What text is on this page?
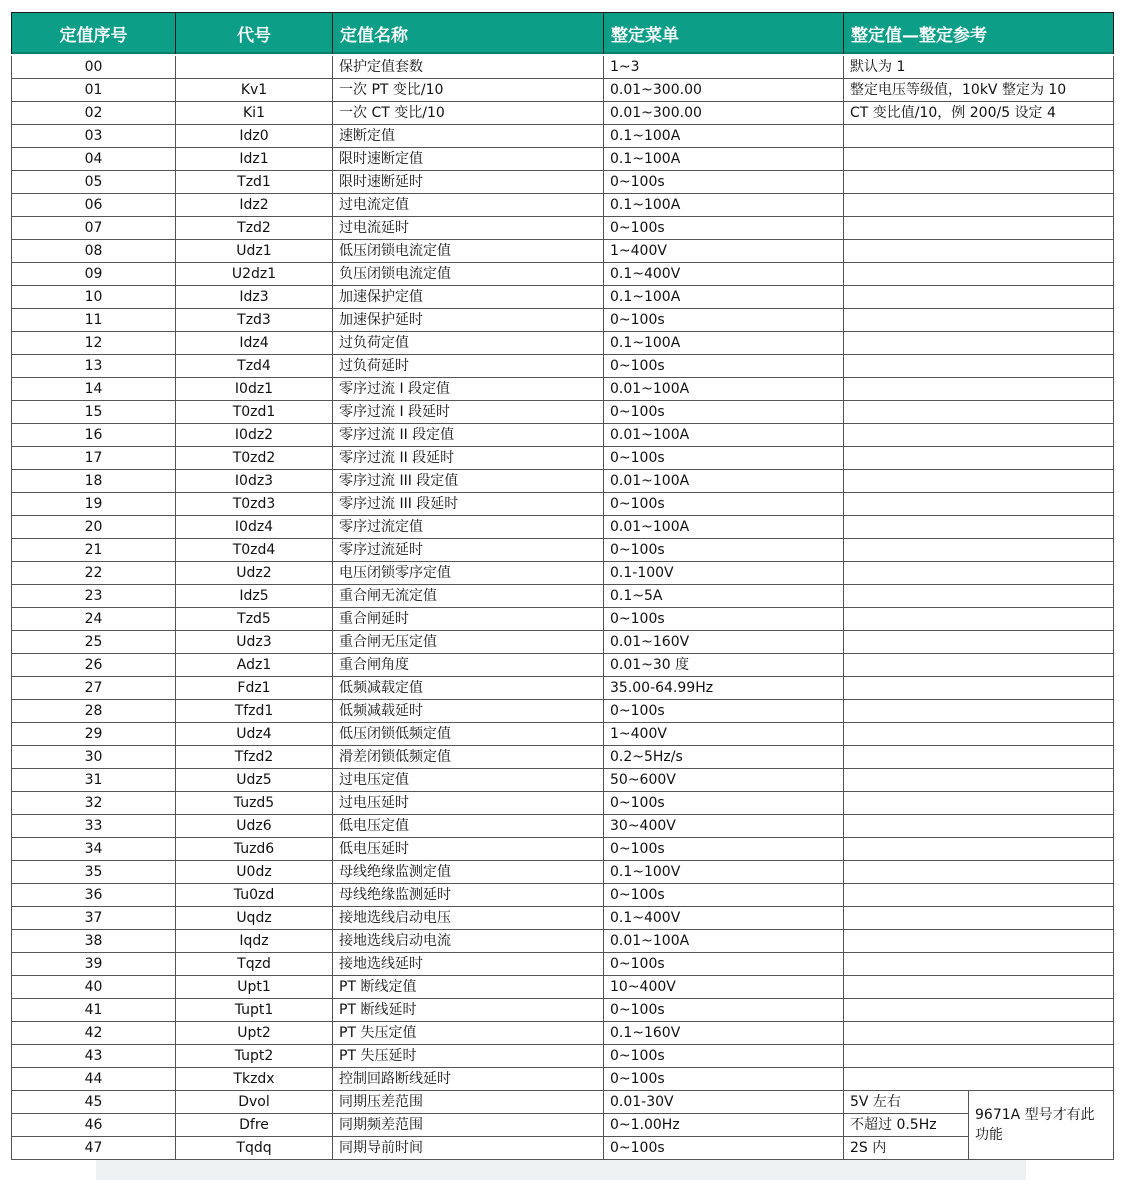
定值序号	代号	定值名称	整定菜单	整定值—整定参考	
00		保护定值套数	1~3	默认为 1	
01	Kv1	一次 PT 变比/10	0.01~300.00	整定电压等级值，10kV 整定为 10	
02	Ki1	一次 CT 变比/10	0.01~300.00	CT 变比值/10，例 200/5 设定 4	
03	Idz0	速断定值	0.1~100A		
04	Idz1	限时速断定值	0.1~100A		
05	Tzd1	限时速断延时	0~100s		
06	Idz2	过电流定值	0.1~100A		
07	Tzd2	过电流延时	0~100s		
08	Udz1	低压闭锁电流定值	1~400V		
09	U2dz1	负压闭锁电流定值	0.1~400V		
10	Idz3	加速保护定值	0.1~100A		
11	Tzd3	加速保护延时	0~100s		
12	Idz4	过负荷定值	0.1~100A		
13	Tzd4	过负荷延时	0~100s		
14	I0dz1	零序过流 I 段定值	0.01~100A		
15	T0zd1	零序过流 I 段延时	0~100s		
16	I0dz2	零序过流 II 段定值	0.01~100A		
17	T0zd2	零序过流 II 段延时	0~100s		
18	I0dz3	零序过流 III 段定值	0.01~100A		
19	T0zd3	零序过流 III 段延时	0~100s		
20	I0dz4	零序过流定值	0.01~100A		
21	T0zd4	零序过流延时	0~100s		
22	Udz2	电压闭锁零序定值	0.1-100V		
23	Idz5	重合闸无流定值	0.1~5A		
24	Tzd5	重合闸延时	0~100s		
25	Udz3	重合闸无压定值	0.01~160V		
26	Adz1	重合闸角度	0.01~30 度		
27	Fdz1	低频减载定值	35.00-64.99Hz		
28	Tfzd1	低频减载延时	0~100s		
29	Udz4	低压闭锁低频定值	1~400V		
30	Tfzd2	滑差闭锁低频定值	0.2~5Hz/s		
31	Udz5	过电压定值	50~600V		
32	Tuzd5	过电压延时	0~100s		
33	Udz6	低电压定值	30~400V		
34	Tuzd6	低电压延时	0~100s		
35	U0dz	母线绝缘监测定值	0.1~100V		
36	Tu0zd	母线绝缘监测延时	0~100s		
37	Uqdz	接地选线启动电压	0.1~400V		
38	Iqdz	接地选线启动电流	0.01~100A		
39	Tqzd	接地选线延时	0~100s		
40	Upt1	PT 断线定值	10~400V		
41	Tupt1	PT 断线延时	0~100s		
42	Upt2	PT 失压定值	0.1~160V		
43	Tupt2	PT 失压延时	0~100s		
44	Tkzdx	控制回路断线延时	0~100s		
45	Dvol	同期压差范围	0.01-30V	5V 左右	9671A 型号才有此功能
46	Dfre	同期频差范围	0~1.00Hz	不超过 0.5Hz	
47	Tqdq	同期导前时间	0~100s	2S 内	
